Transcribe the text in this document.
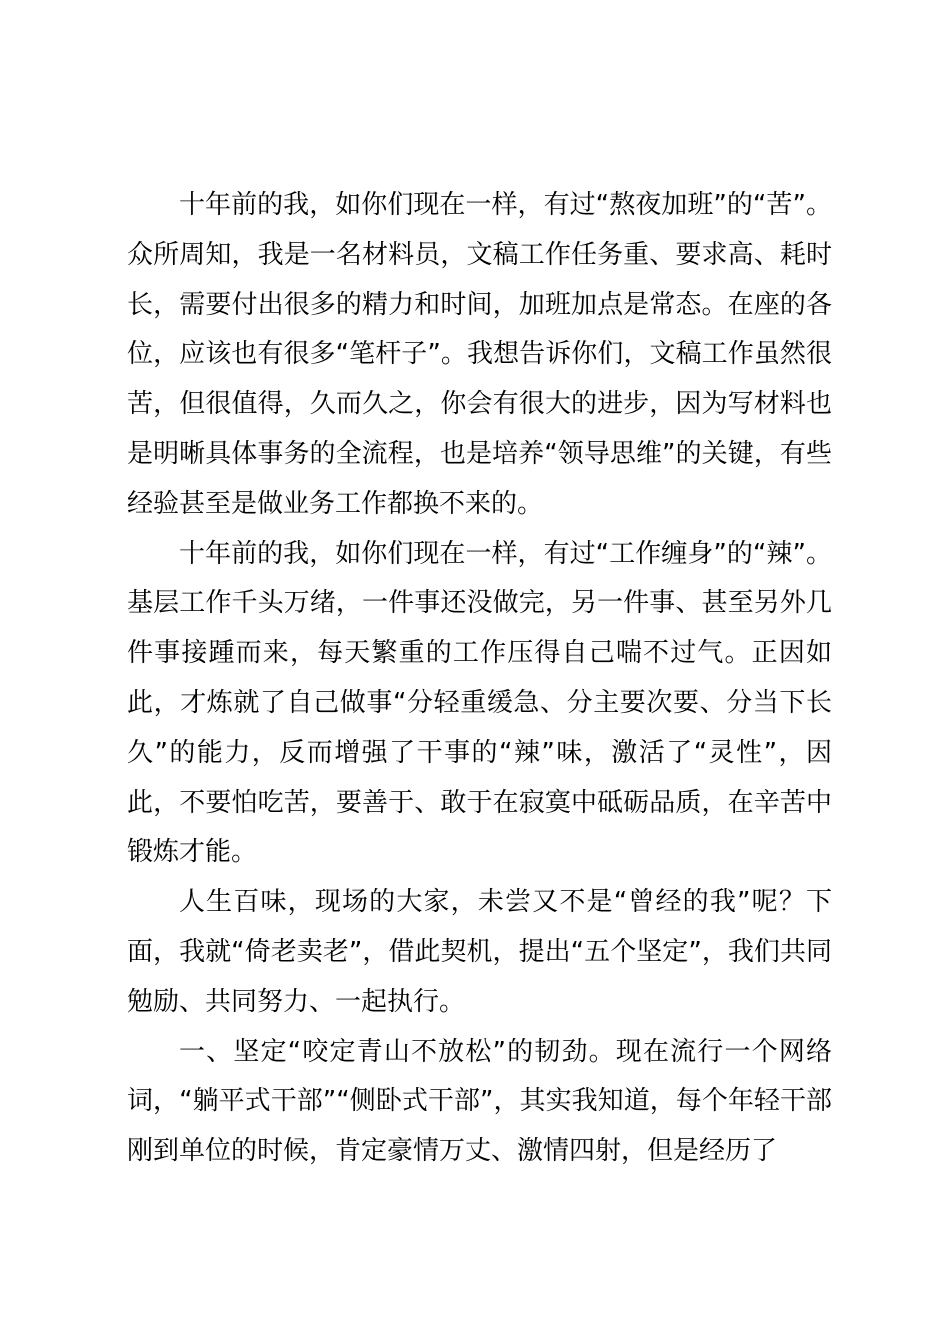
十年前的我，如你们现在一样，有过“熬夜加班”的“苦”。众所周知，我是一名材料员，文稿工作任务重、要求高、耗时长，需要付出很多的精力和时间，加班加点是常态。在座的各位，应该也有很多“笔杆子”。我想告诉你们，文稿工作虽然很苦，但很值得，久而久之，你会有很大的进步，因为写材料也是明晰具体事务的全流程，也是培养“领导思维”的关键，有些经验甚至是做业务工作都换不来的。

十年前的我，如你们现在一样，有过“工作缠身”的“辣”。基层工作千头万绪，一件事还没做完，另一件事、甚至另外几件事接踵而来，每天繁重的工作压得自己喘不过气。正因如此，才炼就了自己做事“分轻重缓急、分主要次要、分当下长久”的能力，反而增强了干事的“辣”味，激活了“灵性”，因此，不要怕吃苦，要善于、敢于在寂寞中砥砺品质，在辛苦中锻炼才能。

人生百味，现场的大家，未尝又不是“曾经的我”呢？下面，我就“倚老卖老”，借此契机，提出“五个坚定”，我们共同勉励、共同努力、一起执行。

一、坚定“咬定青山不放松”的韧劲。现在流行一个网络词，“躺平式干部”“侧卧式干部”，其实我知道，每个年轻干部刚到单位的时候，肯定豪情万丈、激情四射，但是经历了
